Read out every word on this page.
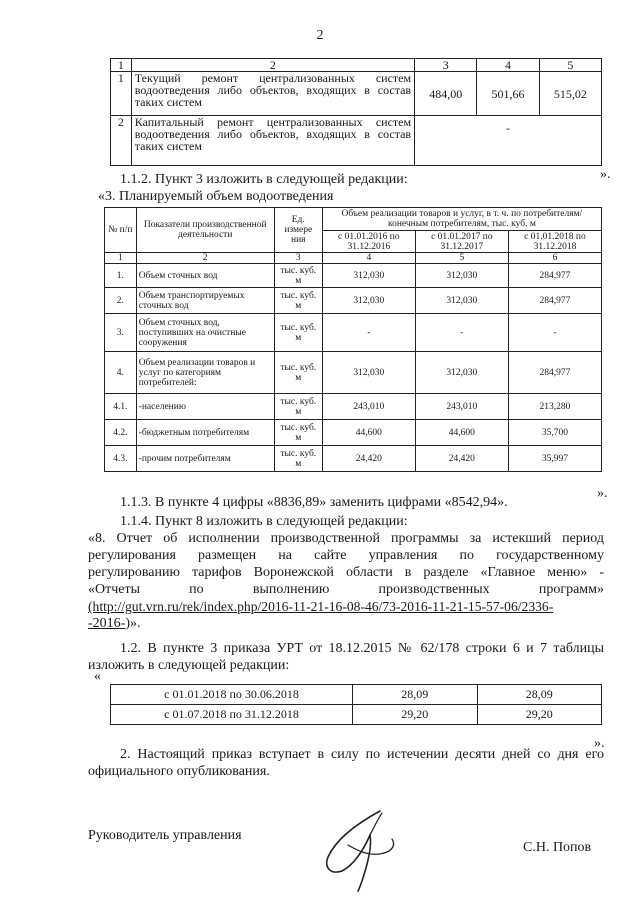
2
1	2	3	4	5
1	Текущий ремонт централизованных систем водоотведения либо объектов, входящих в состав таких систем	484,00	501,66	515,02
2	Капитальный ремонт централизованных систем водоотведения либо объектов, входящих в состав таких систем	-		
».
1.1.2. Пункт 3 изложить в следующей редакции:
«3. Планируемый объем водоотведения
№ п/п	Показатели производственной деятельности	Ед. измере ния	Объем реализации товаров и услуг, в т. ч. по потребителям/ конечным потребителям, тыс. куб. м		
			с 01.01.2016 по 31.12.2016	с 01.01.2017 по 31.12.2017	с 01.01.2018 по 31.12.2018
1	2	3	4	5	6
1.	Объем сточных вод	тыс. куб. м	312,030	312,030	284,977
2.	Объем транспортируемых сточных вод	тыс. куб. м	312,030	312,030	284,977
3.	Объем сточных вод, поступивших на очистные сооружения	тыс. куб. м	-	-	-
4.	Объем реализации товаров и услуг по категориям потребителей:	тыс. куб. м	312,030	312,030	284,977
4.1.	-населению	тыс. куб. м	243,010	243,010	213,280
4.2.	-бюджетным потребителям	тыс. куб. м	44,600	44,600	35,700
4.3.	-прочим потребителям	тыс. куб. м	24,420	24,420	35,997
».
1.1.3. В пункте 4 цифры «8836,89» заменить цифрами «8542,94».
1.1.4. Пункт 8 изложить в следующей редакции:
«8. Отчет об исполнении производственной программы за истекший период
регулирования размещен на сайте управления по государственному
регулированию тарифов Воронежской области в разделе «Главное меню» -
«Отчеты по выполнению производственных программ»
(http://gut.vrn.ru/rek/index.php/2016-11-21-16-08-46/73-2016-11-21-15-57-06/2336-
-2016-)».
1.2. В пункте 3 приказа УРТ от 18.12.2015 № 62/178 строки 6 и 7 таблицы
изложить в следующей редакции:
«
с 01.01.2018 по 30.06.2018	28,09	28,09
с 01.07.2018 по 31.12.2018	29,20	29,20
».
2. Настоящий приказ вступает в силу по истечении десяти дней со дня его
официального опубликования.
Руководитель управления
С.Н. Попов
